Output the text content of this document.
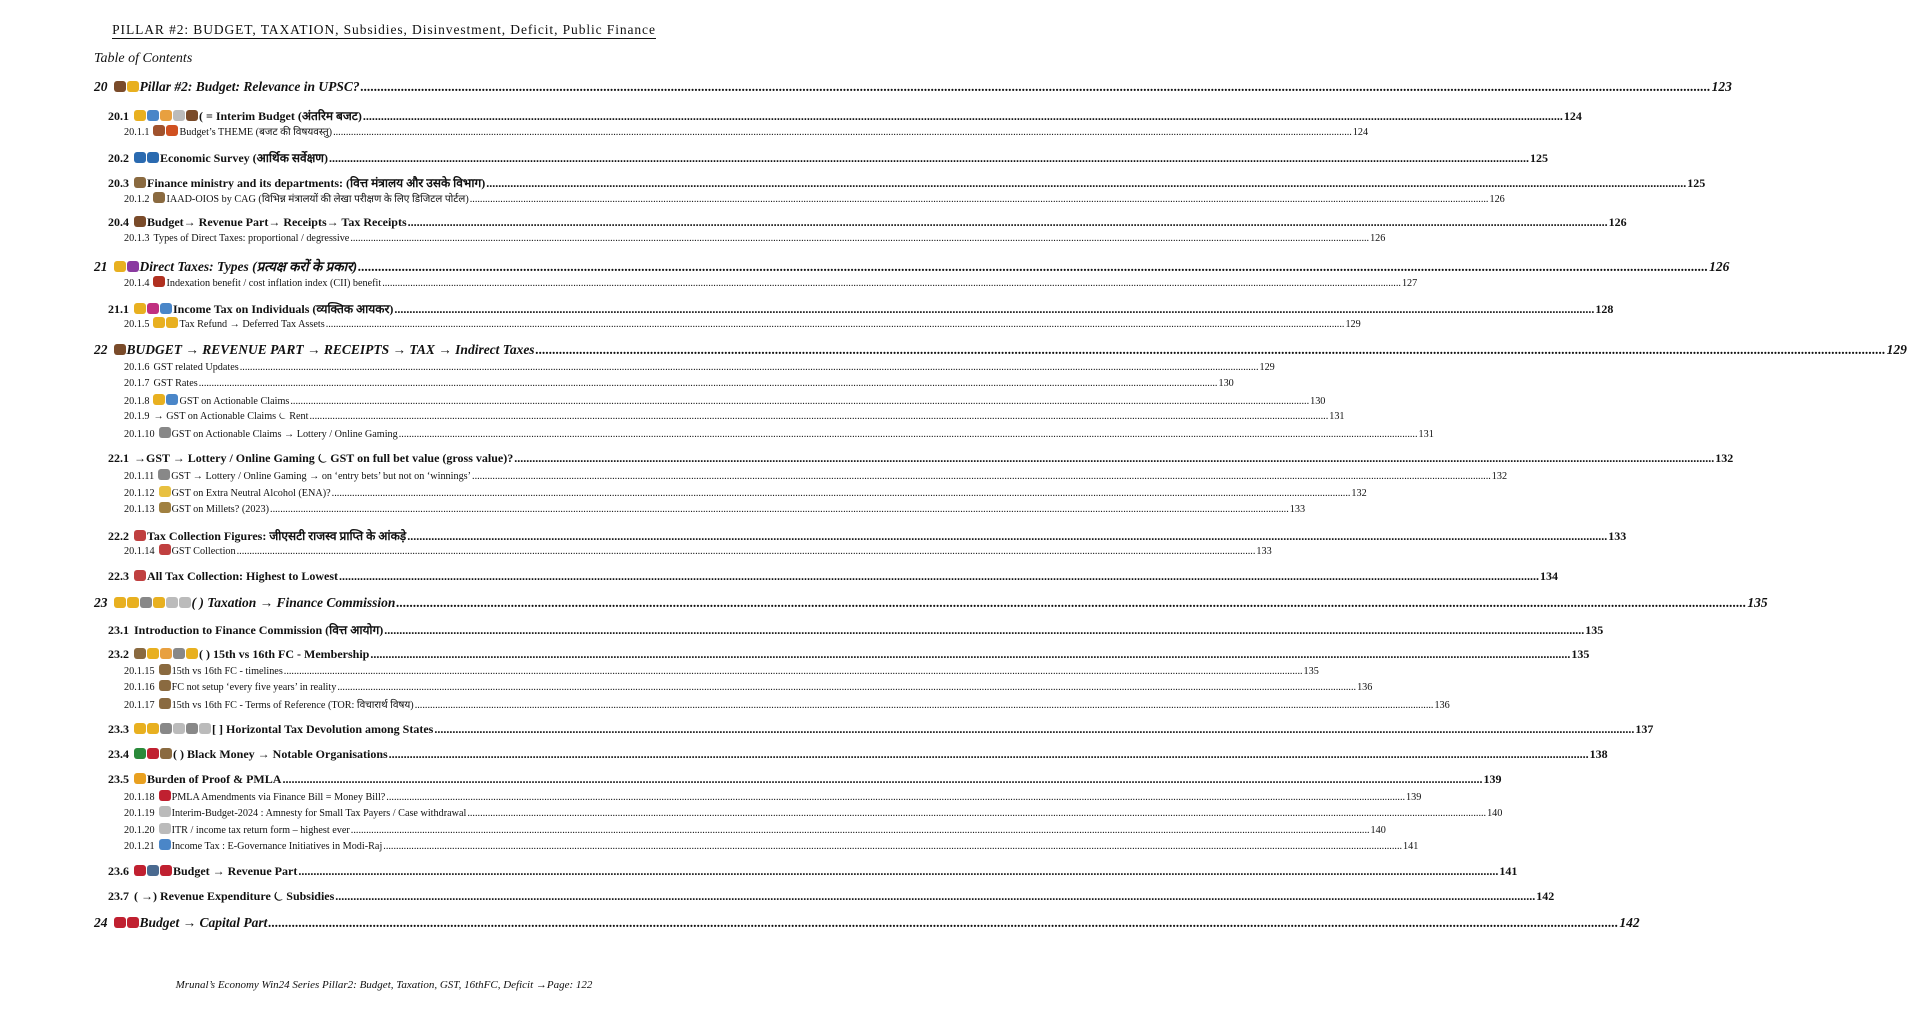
PILLAR #2: BUDGET, TAXATION, Subsidies, Disinvestment, Deficit, Public Finance
Table of Contents
20 Pillar #2: Budget: Relevance in UPSC? ................................................................................................................................................................................................................................................................................................................................................................................................................ 123
20.1	( = Interim Budget (अंतरिम बजट) ................................................................................................................................................................................................................................................................................................................................................................................................................ 124
20.1.1	Budget’s THEME (बजट की विषयवस्तु) ................................................................................................................................................................................................................................................................................................................................................................................................................ 124
20.2	Economic Survey (आर्थिक सर्वेक्षण) ................................................................................................................................................................................................................................................................................................................................................................................................................ 125
20.3 Finance ministry and its departments: (वित्त मंत्रालय और उसके विभाग) ................................................................................................................................................................................................................................................................................................................................................................................................................ 125
20.1.2 IAAD-OIOS by CAG (विभिन्न मंत्रालयों की लेखा परीक्षण के लिए डिजिटल पोर्टल) ................................................................................................................................................................................................................................................................................................................................................................................................................ 126
20.4 Budget→ Revenue Part→ Receipts→ Tax Receipts ................................................................................................................................................................................................................................................................................................................................................................................................................ 126
20.1.3 Types of Direct Taxes: proportional / degressive ................................................................................................................................................................................................................................................................................................................................................................................................................ 126
21 Direct Taxes: Types (प्रत्यक्ष करों के प्रकार) ................................................................................................................................................................................................................................................................................................................................................................................................................ 126
20.1.4 Indexation benefit / cost inflation index (CII) benefit ................................................................................................................................................................................................................................................................................................................................................................................................................ 127
21.1	Income Tax on Individuals (व्यक्तिक आयकर) ................................................................................................................................................................................................................................................................................................................................................................................................................ 128
20.1.5	Tax Refund → Deferred Tax Assets ................................................................................................................................................................................................................................................................................................................................................................................................................ 129
22 BUDGET → REVENUE PART → RECEIPTS → TAX → Indirect Taxes ................................................................................................................................................................................................................................................................................................................................................................................................................ 129
20.1.6 GST related Updates ................................................................................................................................................................................................................................................................................................................................................................................................................ 129
20.1.7 GST Rates ................................................................................................................................................................................................................................................................................................................................................................................................................ 130
20.1.8	GST on Actionable Claims ................................................................................................................................................................................................................................................................................................................................................................................................................ 130
20.1.9 → GST on Actionable Claims ⏾ Rent ................................................................................................................................................................................................................................................................................................................................................................................................................ 131
20.1.10 GST on Actionable Claims → Lottery / Online Gaming ................................................................................................................................................................................................................................................................................................................................................................................................................ 131
22.1 →GST → Lottery / Online Gaming ⏾ GST on full bet value (gross value)? ................................................................................................................................................................................................................................................................................................................................................................................................................ 132
20.1.11 GST → Lottery / Online Gaming → on ‘entry bets’ but not on ‘winnings’ ................................................................................................................................................................................................................................................................................................................................................................................................................ 132
20.1.12 GST on Extra Neutral Alcohol (ENA)? ................................................................................................................................................................................................................................................................................................................................................................................................................ 132
20.1.13 GST on Millets? (2023) ................................................................................................................................................................................................................................................................................................................................................................................................................ 133
22.2 Tax Collection Figures: जीएसटी राजस्व प्राप्ति के आंकड़े ................................................................................................................................................................................................................................................................................................................................................................................................................ 133
20.1.14 GST Collection ................................................................................................................................................................................................................................................................................................................................................................................................................ 133
22.3 All Tax Collection: Highest to Lowest ................................................................................................................................................................................................................................................................................................................................................................................................................ 134
23	( ) Taxation → Finance Commission ................................................................................................................................................................................................................................................................................................................................................................................................................ 135
23.1 Introduction to Finance Commission (वित्त आयोग) ................................................................................................................................................................................................................................................................................................................................................................................................................ 135
23.2	( ) 15th vs 16th FC - Membership ................................................................................................................................................................................................................................................................................................................................................................................................................ 135
20.1.15 15th vs 16th FC - timelines ................................................................................................................................................................................................................................................................................................................................................................................................................ 135
20.1.16 FC not setup ‘every five years’ in reality ................................................................................................................................................................................................................................................................................................................................................................................................................ 136
20.1.17 15th vs 16th FC - Terms of Reference (TOR: विचारार्थ विषय) ................................................................................................................................................................................................................................................................................................................................................................................................................ 136
23.3	[ ] Horizontal Tax Devolution among States ................................................................................................................................................................................................................................................................................................................................................................................................................ 137
23.4	( ) Black Money → Notable Organisations ................................................................................................................................................................................................................................................................................................................................................................................................................ 138
23.5 Burden of Proof & PMLA ................................................................................................................................................................................................................................................................................................................................................................................................................ 139
20.1.18 PMLA Amendments via Finance Bill = Money Bill? ................................................................................................................................................................................................................................................................................................................................................................................................................ 139
20.1.19 Interim-Budget-2024 : Amnesty for Small Tax Payers / Case withdrawal ................................................................................................................................................................................................................................................................................................................................................................................................................ 140
20.1.20 ITR / income tax return form – highest ever ................................................................................................................................................................................................................................................................................................................................................................................................................ 140
20.1.21 Income Tax : E-Governance Initiatives in Modi-Raj ................................................................................................................................................................................................................................................................................................................................................................................................................ 141
23.6	Budget → Revenue Part ................................................................................................................................................................................................................................................................................................................................................................................................................ 141
23.7 ( →) Revenue Expenditure ⏾ Subsidies ................................................................................................................................................................................................................................................................................................................................................................................................................ 142
24 Budget → Capital Part ................................................................................................................................................................................................................................................................................................................................................................................................................ 142
Mrunal’s Economy Win24 Series Pillar2: Budget, Taxation, GST, 16thFC, Deficit →Page: 122
